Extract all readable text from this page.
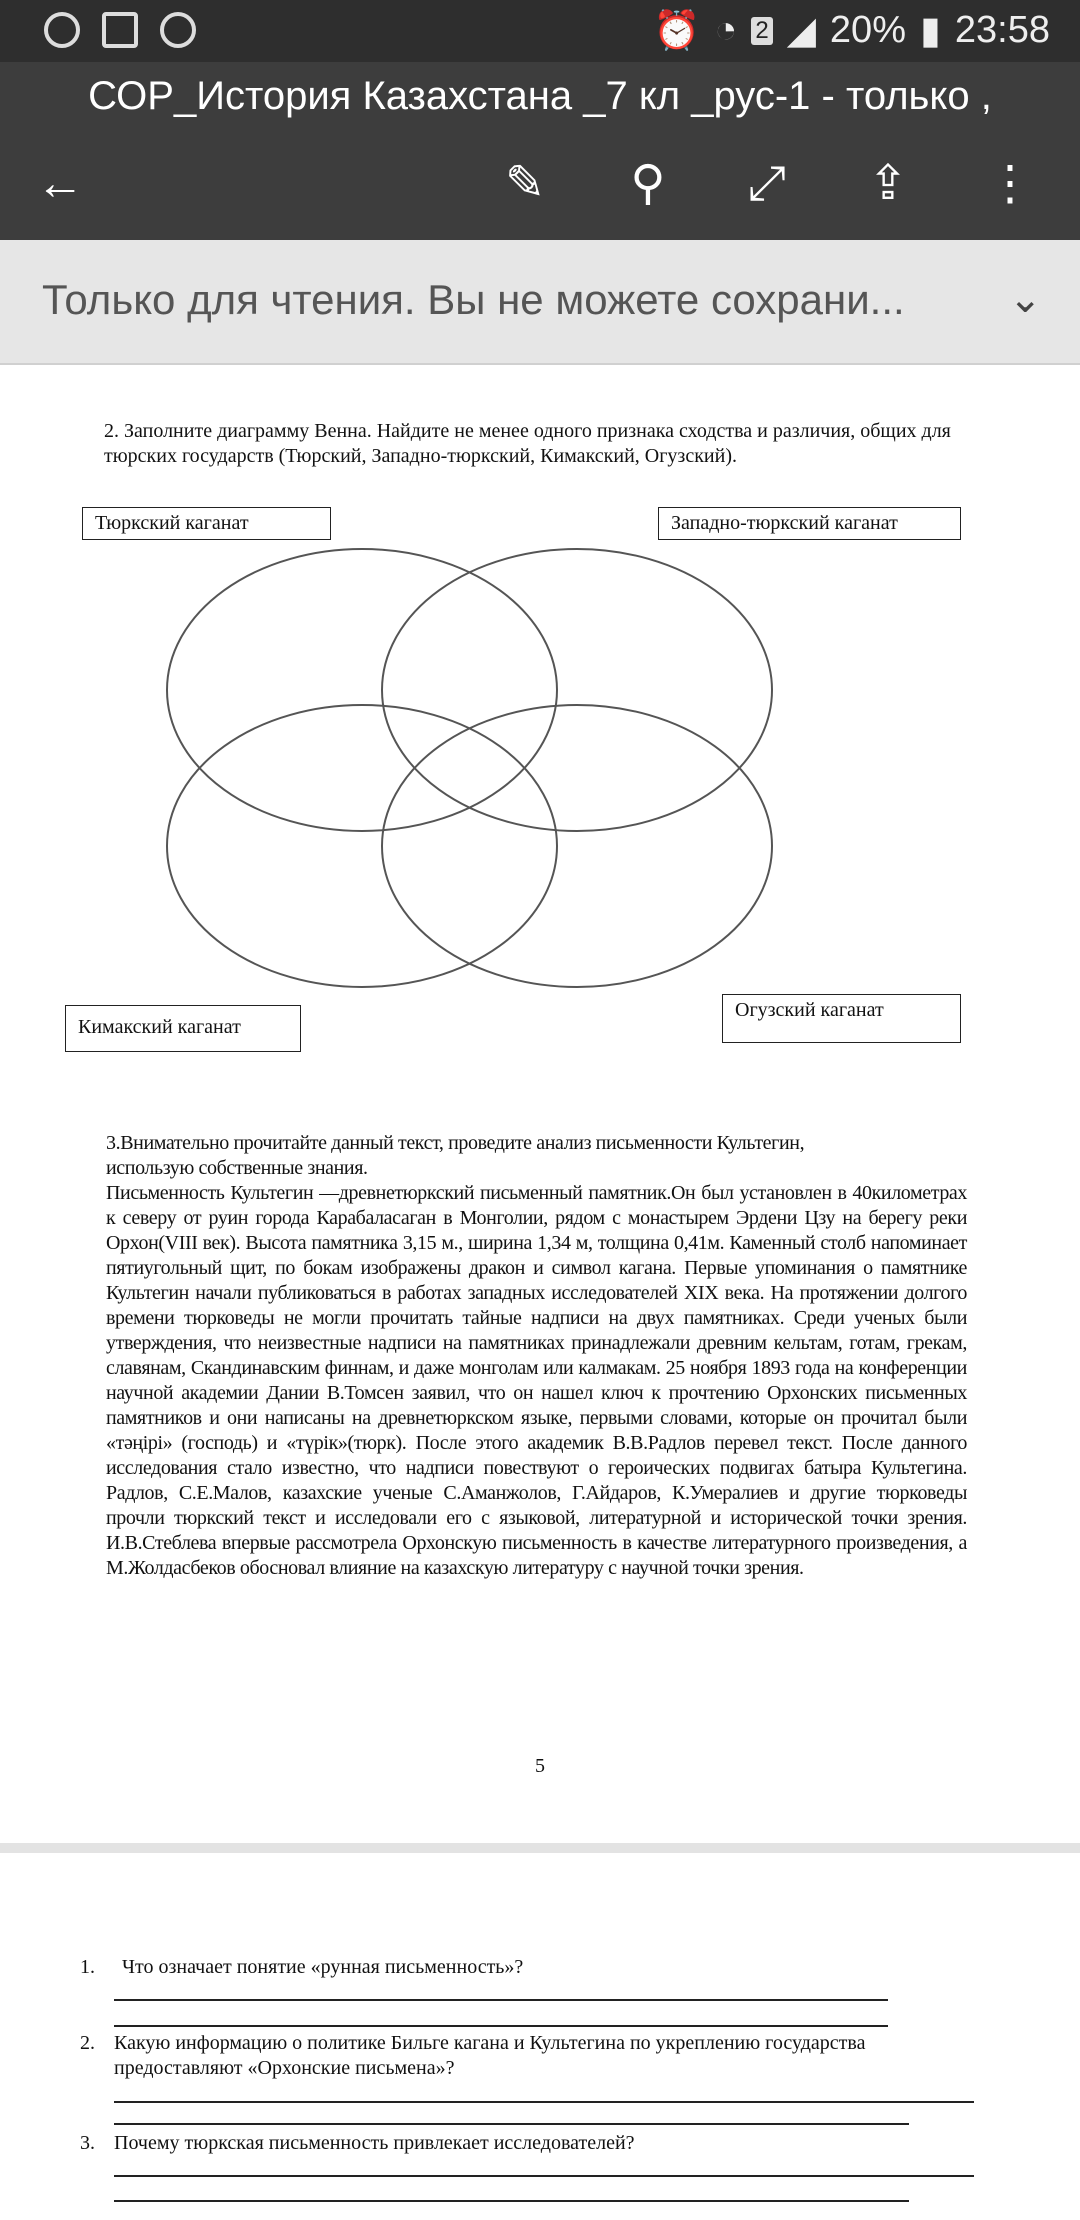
⏰ ◔ 2 ◢ 20% ▮ 23:58
СОР_История Казахстана _7 кл _рус-1 - только ,
←	✎ ⚲ ⤢ ⇪ ⋮
Только для чтения. Вы не можете сохрани...	⌄
2. Заполните диаграмму Венна. Найдите не менее одного признака сходства и различия, общих для тюрских государств (Тюрский, Западно-тюркский, Кимакский, Огузский).
Тюркский каганат	Западно-тюркский каганат
Кимакский каганат
Огузский каганат
3.Внимательно прочитайте данный текст, проведите анализ письменности Культегин, использую собственные знания.
Письменность Культегин —древнетюркский письменный памятник.Он был установлен в 40километрах к северу от руин города Карабаласаган в Монголии, рядом с монастырем Эрдени Цзу на берегу реки Орхон(VIII век). Высота памятника 3,15 м., ширина 1,34 м, толщина 0,41м. Каменный столб напоминает пятиугольный щит, по бокам изображены дракон и символ кагана. Первые упоминания о памятнике Культегин начали публиковаться в работах западных исследователей XIX века. На протяжении долгого времени тюрковеды не могли прочитать тайные надписи на двух памятниках. Среди ученых были утверждения, что неизвестные надписи на памятниках принадлежали древним кельтам, готам, грекам, славянам, Скандинавским финнам, и даже монголам или калмакам. 25 ноября 1893 года на конференции научной академии Дании В.Томсен заявил, что он нашел ключ к прочтению Орхонских письменных памятников и они написаны на древнетюркском языке, первыми словами, которые он прочитал были «тәңірі» (господь) и «түрік»(тюрк). После этого академик В.В.Радлов перевел текст. После данного исследования стало известно, что надписи повествуют о героических подвигах батыра Культегина. Радлов, С.Е.Малов, казахские ученые С.Аманжолов, Г.Айдаров, К.Умералиев и другие тюрковеды прочли тюркский текст и исследовали его с языковой, литературной и исторической точки зрения. И.В.Стеблева впервые рассмотрела Орхонскую письменность в качестве литературного произведения, а М.Жолдасбеков обосновал влияние на казахскую литературу с научной точки зрения.
5
1. Что означает понятие «рунная письменность»?
2. Какую информацию о политике Бильге кагана и Культегина по укреплению государства предоставляют «Орхонские письмена»?
3. Почему тюркская письменность привлекает исследователей?
